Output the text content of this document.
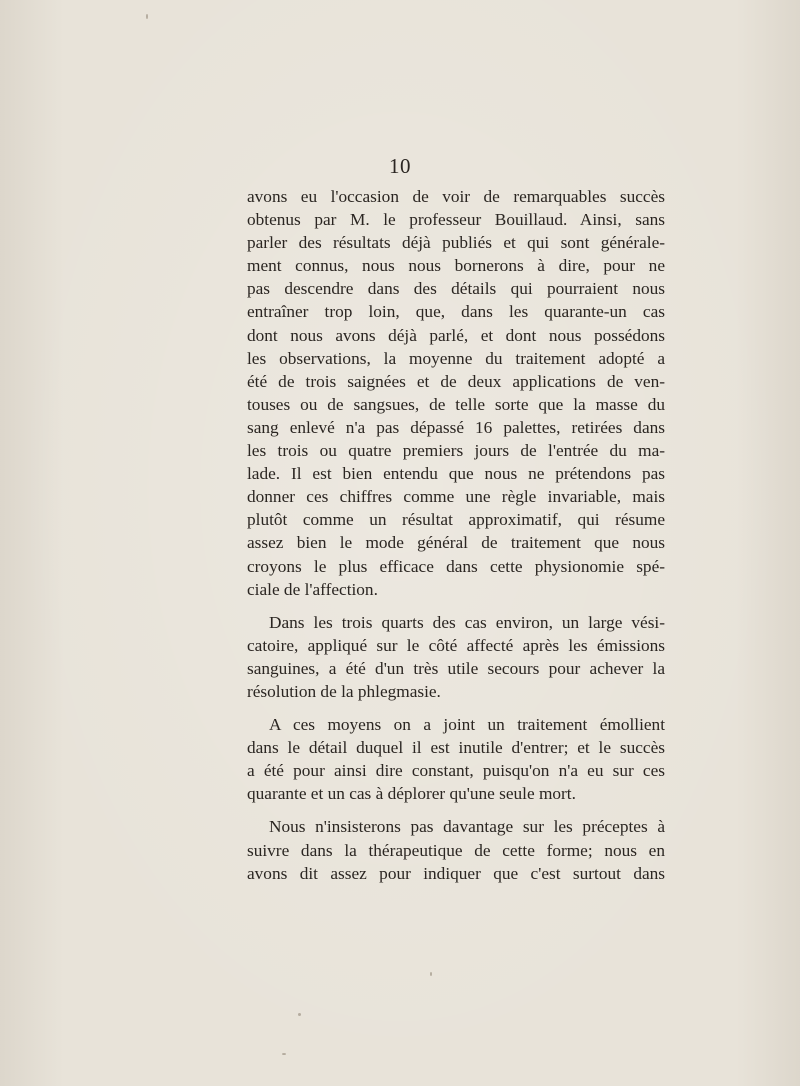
10

avons eu l'occasion de voir de remarquables succès
obtenus par M. le professeur Bouillaud. Ainsi, sans
parler des résultats déjà publiés et qui sont générale-
ment connus, nous nous bornerons à dire, pour ne
pas descendre dans des détails qui pourraient nous
entraîner trop loin, que, dans les quarante-un cas
dont nous avons déjà parlé, et dont nous possédons
les observations, la moyenne du traitement adopté a
été de trois saignées et de deux applications de ven-
touses ou de sangsues, de telle sorte que la masse du
sang enlevé n'a pas dépassé 16 palettes, retirées dans
les trois ou quatre premiers jours de l'entrée du ma-
lade. Il est bien entendu que nous ne prétendons pas
donner ces chiffres comme une règle invariable, mais
plutôt comme un résultat approximatif, qui résume
assez bien le mode général de traitement que nous
croyons le plus efficace dans cette physionomie spé-
ciale de l'affection.

Dans les trois quarts des cas environ, un large vési-
catoire, appliqué sur le côté affecté après les émissions
sanguines, a été d'un très utile secours pour achever la
résolution de la phlegmasie.

A ces moyens on a joint un traitement émollient
dans le détail duquel il est inutile d'entrer; et le succès
a été pour ainsi dire constant, puisqu'on n'a eu sur ces
quarante et un cas à déplorer qu'une seule mort.

Nous n'insisterons pas davantage sur les préceptes à
suivre dans la thérapeutique de cette forme; nous en
avons dit assez pour indiquer que c'est surtout dans
